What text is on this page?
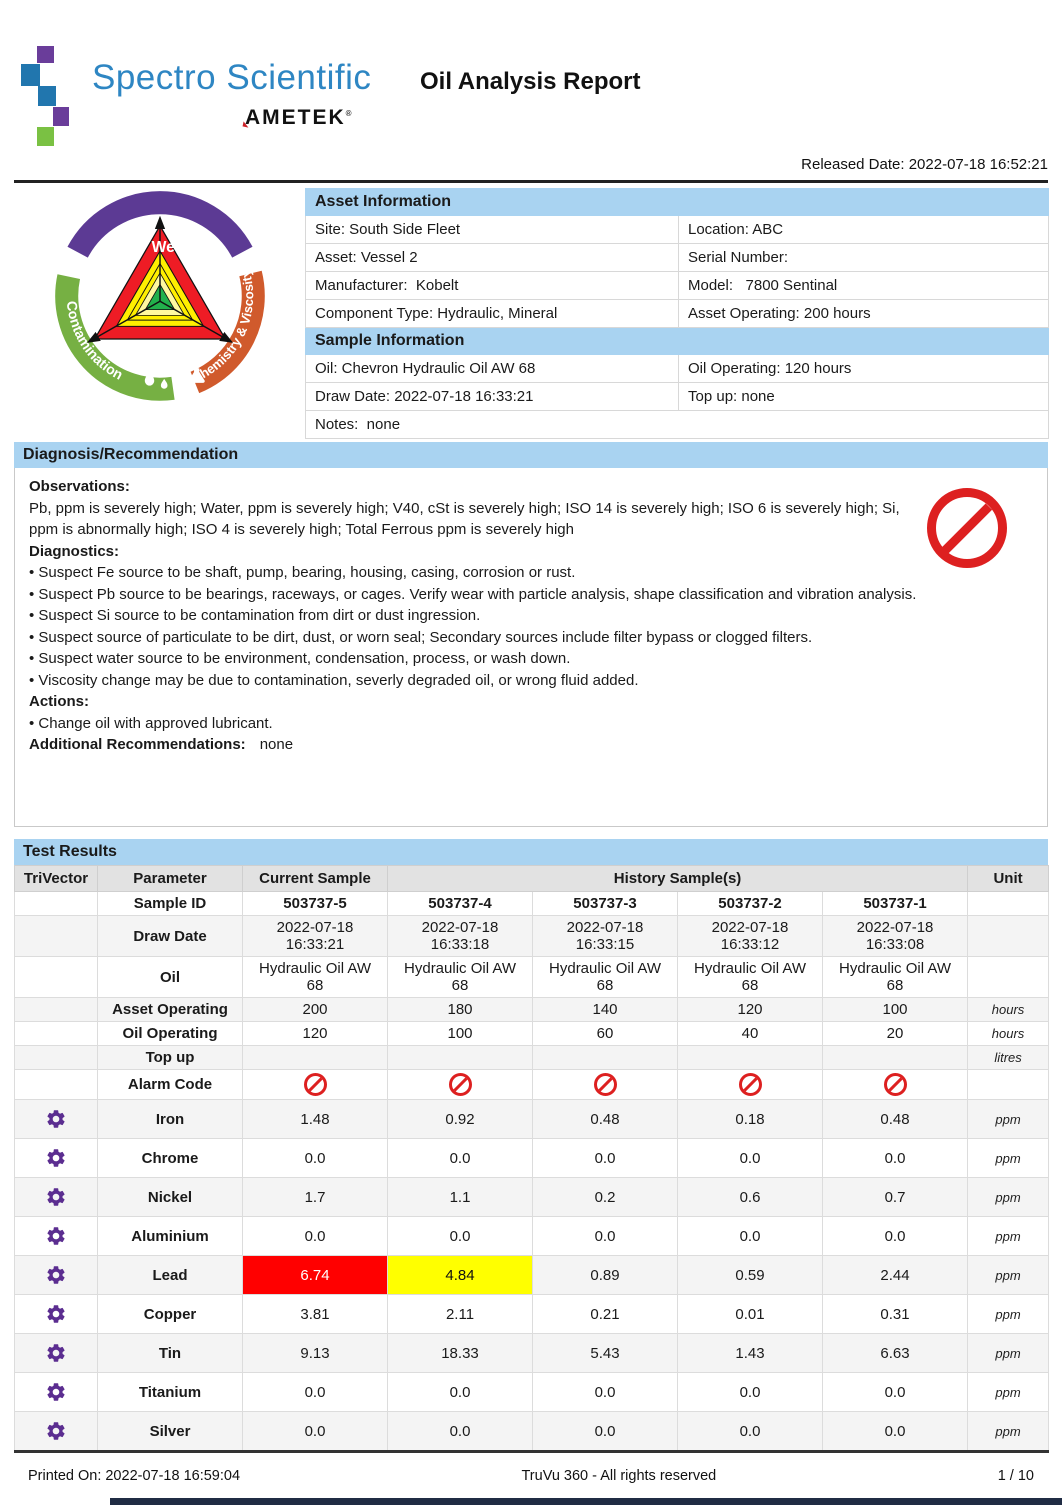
Spectro Scientific
AMETEK®
Oil Analysis Report
Released Date: 2022-07-18 16:52:21
Wear
Contamination	Chemistry & Viscosity
Asset Information	
Site: South Side Fleet	Location: ABC
Asset: Vessel 2	Serial Number:
Manufacturer:  Kobelt	Model:   7800 Sentinal
Component Type: Hydraulic, Mineral	Asset Operating: 200 hours
Sample Information	
Oil: Chevron Hydraulic Oil AW 68	Oil Operating: 120 hours
Draw Date: 2022-07-18 16:33:21	Top up: none
Notes:  none	
Diagnosis/Recommendation
Observations:
Pb, ppm is severely high; Water, ppm is severely high; V40, cSt is severely high; ISO 14 is severely high; ISO 6 is severely high; Si, ppm is abnormally high; ISO 4 is severely high; Total Ferrous ppm is severely high
Diagnostics:
• Suspect Fe source to be shaft, pump, bearing, housing, casing, corrosion or rust.
• Suspect Pb source to be bearings, raceways, or cages. Verify wear with particle analysis, shape classification and vibration analysis.
• Suspect Si source to be contamination from dirt or dust ingression.
• Suspect source of particulate to be dirt, dust, or worn seal; Secondary sources include filter bypass or clogged filters.
• Suspect water source to be environment, condensation, process, or wash down.
• Viscosity change may be due to contamination, severly degraded oil, or wrong fluid added.
Actions:
• Change oil with approved lubricant.
Additional Recommendations: none
Test Results
TriVector	Parameter	Current Sample	History Sample(s)				Unit
	Sample ID	503737-5	503737-4	503737-3	503737-2	503737-1	
	Draw Date	2022-07-18 16:33:21	2022-07-18 16:33:18	2022-07-18 16:33:15	2022-07-18 16:33:12	2022-07-18 16:33:08	
	Oil	Hydraulic Oil AW 68	Hydraulic Oil AW 68	Hydraulic Oil AW 68	Hydraulic Oil AW 68	Hydraulic Oil AW 68	
	Asset Operating	200	180	140	120	100	hours
	Oil Operating	120	100	60	40	20	hours
	Top up						litres
	Alarm Code						
	Iron	1.48	0.92	0.48	0.18	0.48	ppm
	Chrome	0.0	0.0	0.0	0.0	0.0	ppm
	Nickel	1.7	1.1	0.2	0.6	0.7	ppm
	Aluminium	0.0	0.0	0.0	0.0	0.0	ppm
	Lead	6.74	4.84	0.89	0.59	2.44	ppm
	Copper	3.81	2.11	0.21	0.01	0.31	ppm
	Tin	9.13	18.33	5.43	1.43	6.63	ppm
	Titanium	0.0	0.0	0.0	0.0	0.0	ppm
	Silver	0.0	0.0	0.0	0.0	0.0	ppm
Printed On: 2022-07-18 16:59:04	TruVu 360 - All rights reserved	1 / 10
